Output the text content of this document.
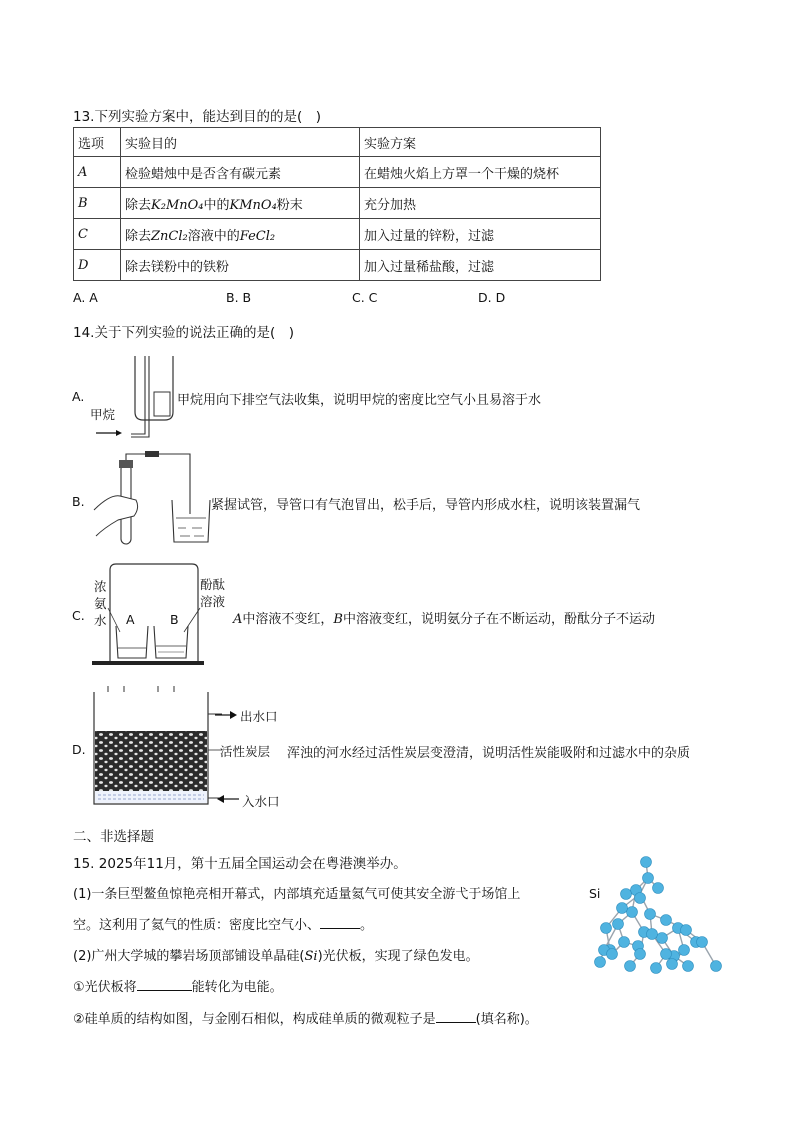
13.下列实验方案中，能达到目的的是(　)
选项	实验目的	实验方案
A	检验蜡烛中是否含有碳元素	在蜡烛火焰上方罩一个干燥的烧杯
B	除去K₂MnO₄中的KMnO₄粉末	充分加热
C	除去ZnCl₂溶液中的FeCl₂	加入过量的锌粉，过滤
D	除去镁粉中的铁粉	加入过量稀盐酸，过滤
A. A	B. B	C. C	D. D
14.关于下列实验的说法正确的是(　)
A.
甲烷
甲烷用向下排空气法收集，说明甲烷的密度比空气小且易溶于水
B.	紧握试管，导管口有气泡冒出，松手后，导管内形成水柱，说明该装置漏气
C.
浓
氨
水
酚酞
溶液
A	B	A中溶液不变红，B中溶液变红，说明氨分子在不断运动，酚酞分子不运动
D.
出水口
活性炭层
入水口
浑浊的河水经过活性炭层变澄清，说明活性炭能吸附和过滤水中的杂质
二、非选择题
15. 2025年11月，第十五届全国运动会在粤港澳举办。
(1)一条巨型鳌鱼惊艳亮相开幕式，内部填充适量氦气可使其安全游弋于场馆上
空。这利用了氦气的性质：密度比空气小、	。
(2)广州大学城的攀岩场顶部铺设单晶硅(Si)光伏板，实现了绿色发电。
①光伏板将	能转化为电能。
②硅单质的结构如图，与金刚石相似，构成硅单质的微观粒子是	(填名称)。
Si
